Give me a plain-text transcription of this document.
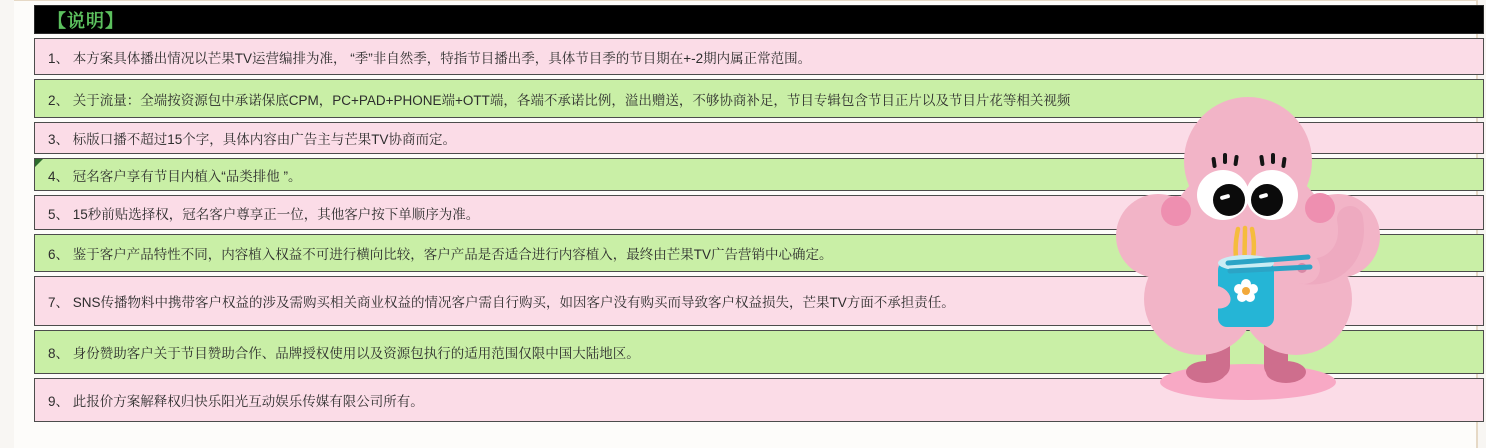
【说明】
1、 本方案具体播出情况以芒果TV运营编排为准， “季”非自然季，特指节目播出季，具体节目季的节目期在+-2期内属正常范围。
2、 关于流量：全端按资源包中承诺保底CPM，PC+PAD+PHONE端+OTT端，各端不承诺比例，溢出赠送，不够协商补足，节目专辑包含节目正片以及节目片花等相关视频
3、 标版口播不超过15个字，具体内容由广告主与芒果TV协商而定。
4、 冠名客户享有节目内植入“品类排他 ”。
5、 15秒前贴选择权，冠名客户尊享正一位，其他客户按下单顺序为准。
6、 鉴于客户产品特性不同，内容植入权益不可进行横向比较，客户产品是否适合进行内容植入，最终由芒果TV广告营销中心确定。
7、 SNS传播物料中携带客户权益的涉及需购买相关商业权益的情况客户需自行购买，如因客户没有购买而导致客户权益损失，芒果TV方面不承担责任。
8、 身份赞助客户关于节目赞助合作、品牌授权使用以及资源包执行的适用范围仅限中国大陆地区。
9、 此报价方案解释权归快乐阳光互动娱乐传媒有限公司所有。
